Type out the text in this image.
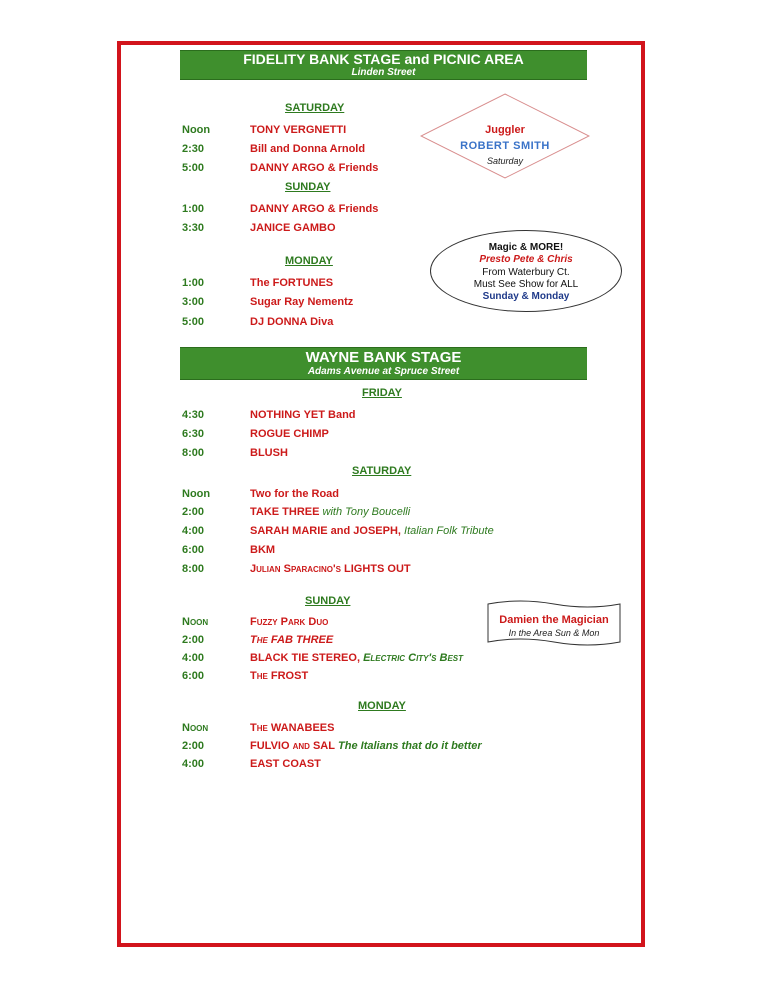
FIDELITY BANK STAGE and PICNIC AREA
Linden Street
SATURDAY
Noon	TONY VERGNETTI
2:30	Bill and Donna Arnold
5:00	DANNY ARGO & Friends
SUNDAY
1:00	DANNY ARGO & Friends
3:30	JANICE GAMBO
MONDAY
1:00	The FORTUNES
3:00	Sugar Ray Nementz
5:00	DJ DONNA Diva
Juggler
ROBERT SMITH
Saturday
Magic & MORE!
Presto Pete & Chris
From Waterbury Ct.
Must See Show for ALL
Sunday & Monday
WAYNE BANK STAGE
Adams Avenue at Spruce Street
FRIDAY
4:30	NOTHING YET Band
6:30	ROGUE CHIMP
8:00	BLUSH
SATURDAY
Noon	Two for the Road
2:00	TAKE THREE with Tony Boucelli
4:00	SARAH MARIE and JOSEPH, Italian Folk Tribute
6:00	BKM
8:00	Julian Sparacino's LIGHTS OUT
SUNDAY
Noon	Fuzzy Park Duo
2:00	The FAB THREE
4:00	BLACK TIE STEREO, Electric City's Best
6:00	The FROST
Damien the Magician
In the Area Sun & Mon
MONDAY
Noon	The WANABEES
2:00	FULVIO and SAL The Italians that do it better
4:00	EAST COAST
